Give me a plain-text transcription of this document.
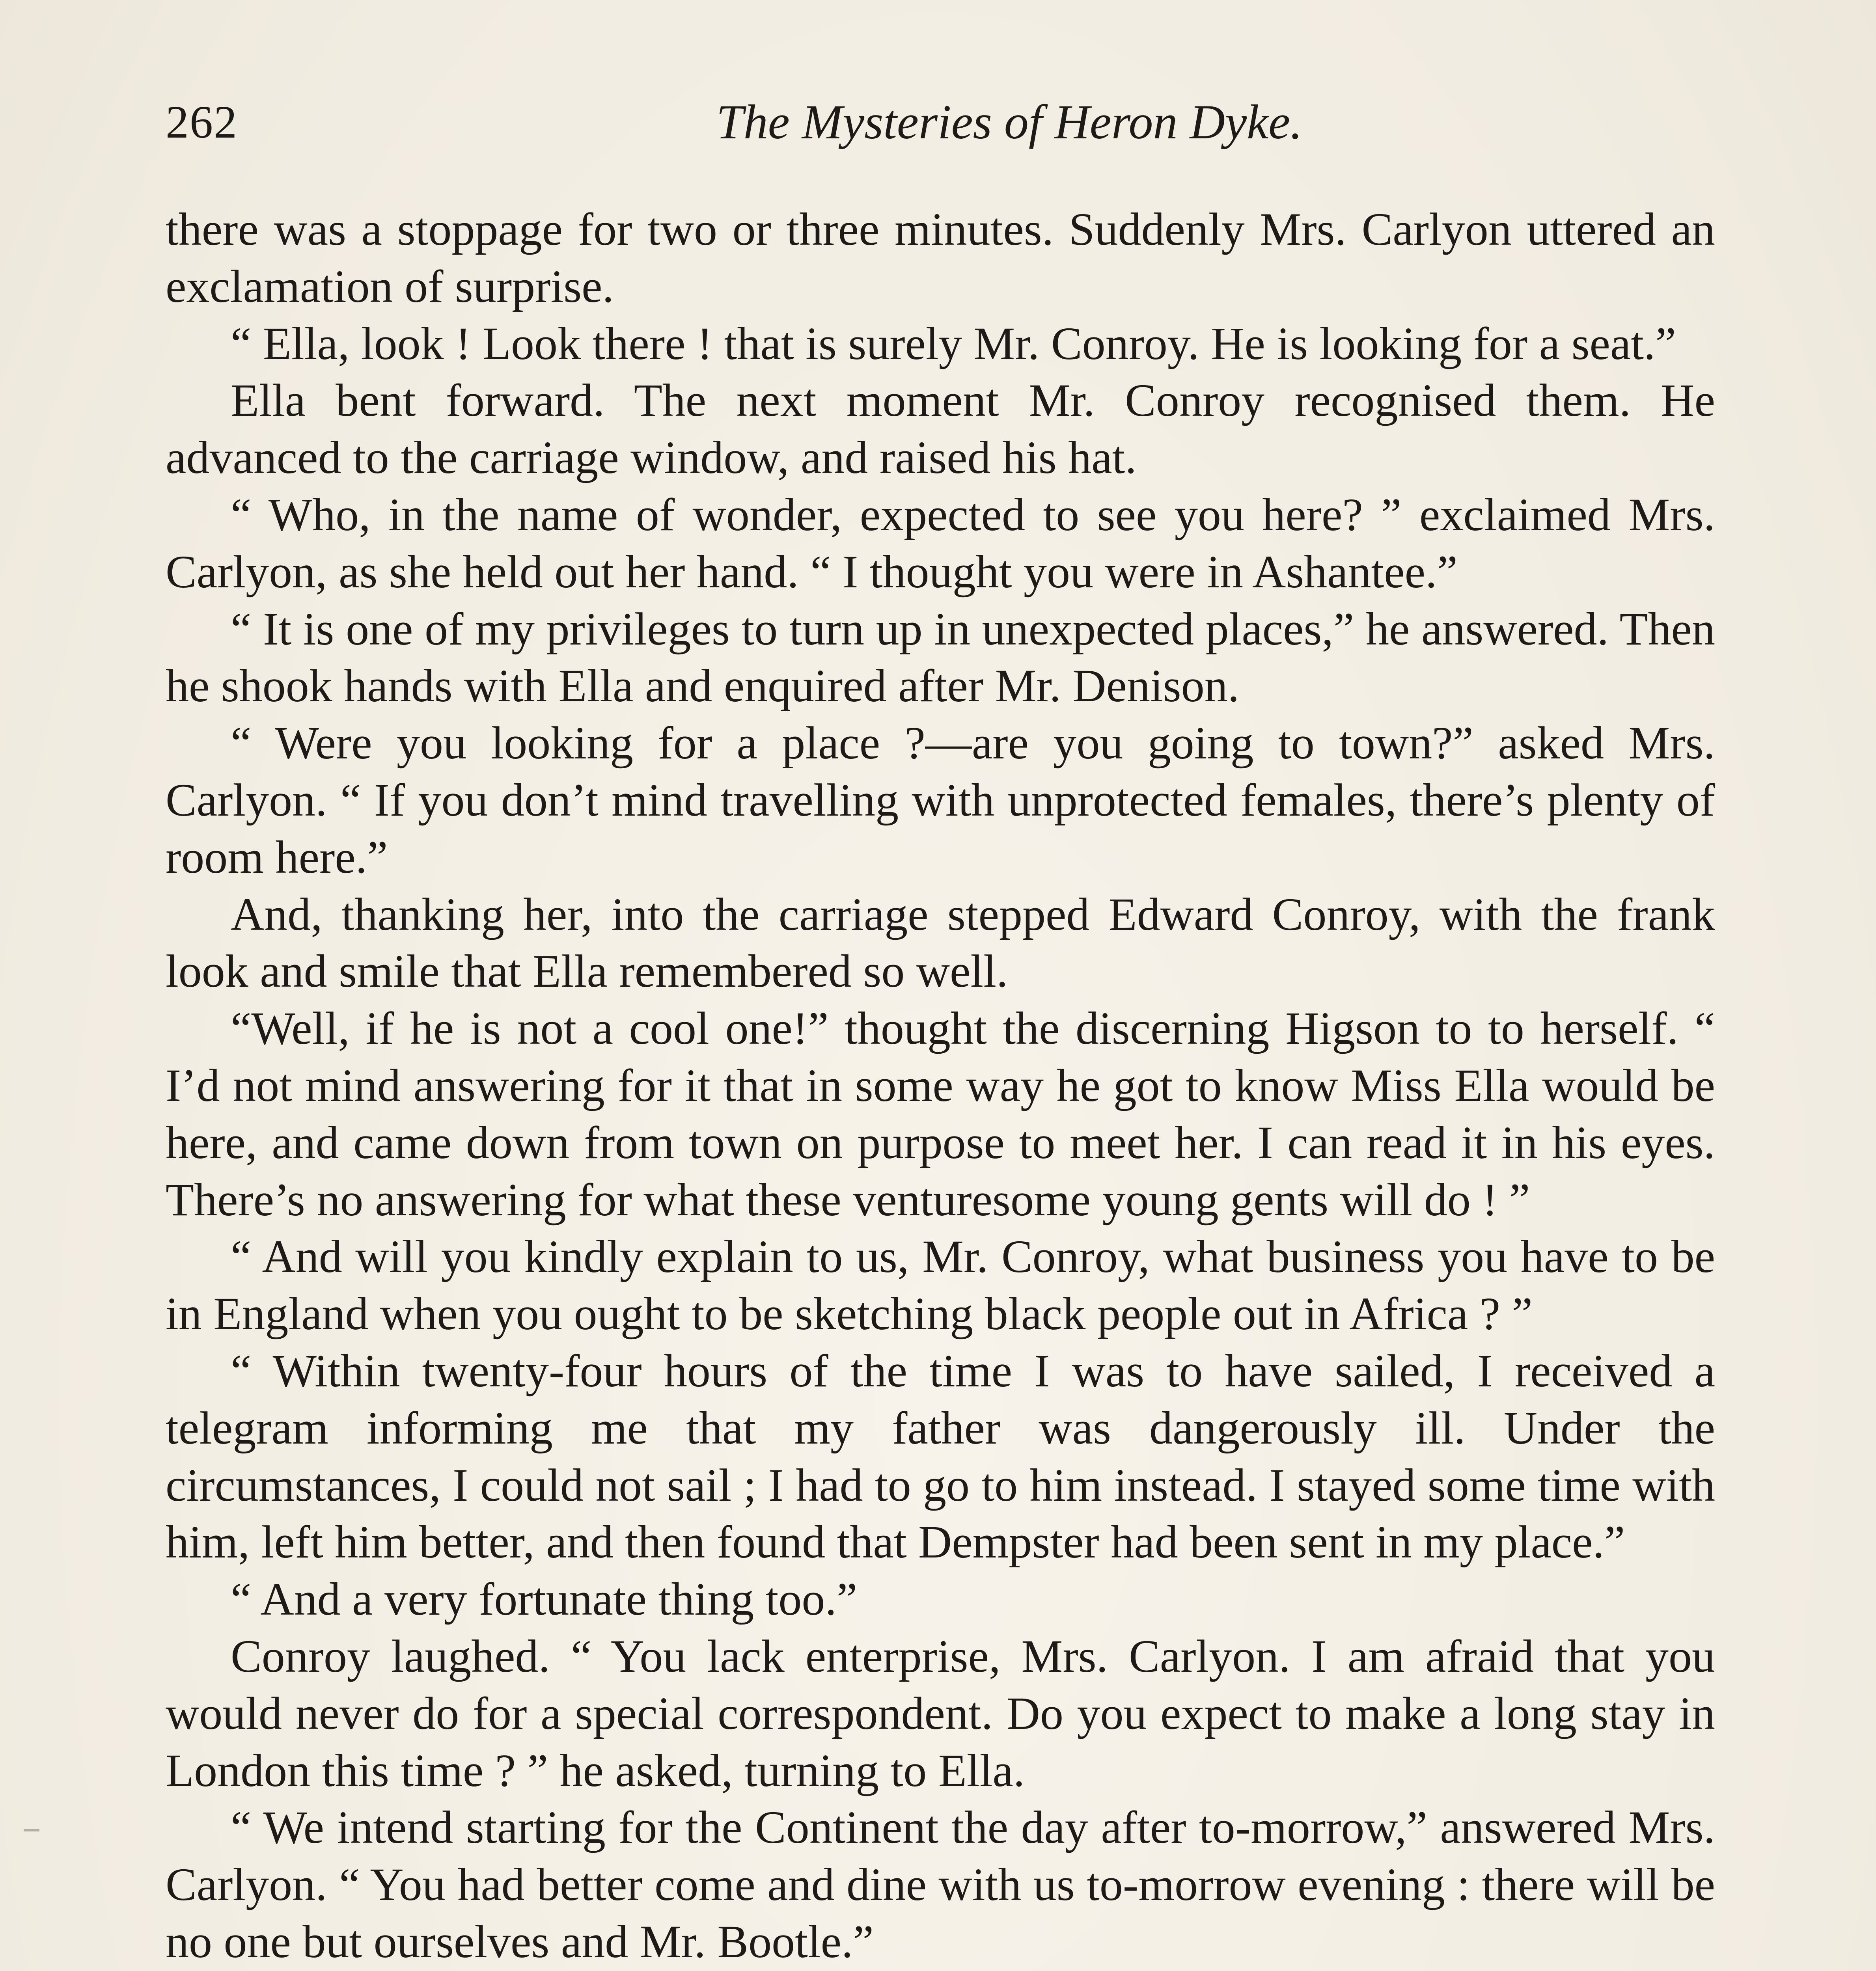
262	The Mysteries of Heron Dyke.

there was a stoppage for two or three minutes. Suddenly Mrs. Carlyon uttered an exclamation of surprise.

“ Ella, look ! Look there ! that is surely Mr. Conroy. He is looking for a seat.”

Ella bent forward. The next moment Mr. Conroy recognised them. He advanced to the carriage window, and raised his hat.

“ Who, in the name of wonder, expected to see you here? ” exclaimed Mrs. Carlyon, as she held out her hand. “ I thought you were in Ashantee.”

“ It is one of my privileges to turn up in unexpected places,” he answered. Then he shook hands with Ella and enquired after Mr. Denison.

“ Were you looking for a place ?—are you going to town?” asked Mrs. Carlyon. “ If you don’t mind travelling with unprotected females, there’s plenty of room here.”

And, thanking her, into the carriage stepped Edward Conroy, with the frank look and smile that Ella remembered so well.

“Well, if he is not a cool one!” thought the discerning Higson to to herself. “ I’d not mind answering for it that in some way he got to know Miss Ella would be here, and came down from town on purpose to meet her. I can read it in his eyes. There’s no answering for what these venturesome young gents will do ! ”

“ And will you kindly explain to us, Mr. Conroy, what business you have to be in England when you ought to be sketching black people out in Africa ? ”

“ Within twenty-four hours of the time I was to have sailed, I received a telegram informing me that my father was dangerously ill. Under the circumstances, I could not sail ; I had to go to him instead. I stayed some time with him, left him better, and then found that Dempster had been sent in my place.”

“ And a very fortunate thing too.”

Conroy laughed. “ You lack enterprise, Mrs. Carlyon. I am afraid that you would never do for a special correspondent. Do you expect to make a long stay in London this time ? ” he asked, turning to Ella.

“ We intend starting for the Continent the day after to-morrow,” answered Mrs. Carlyon. “ You had better come and dine with us to-morrow evening : there will be no one but ourselves and Mr. Bootle.”
